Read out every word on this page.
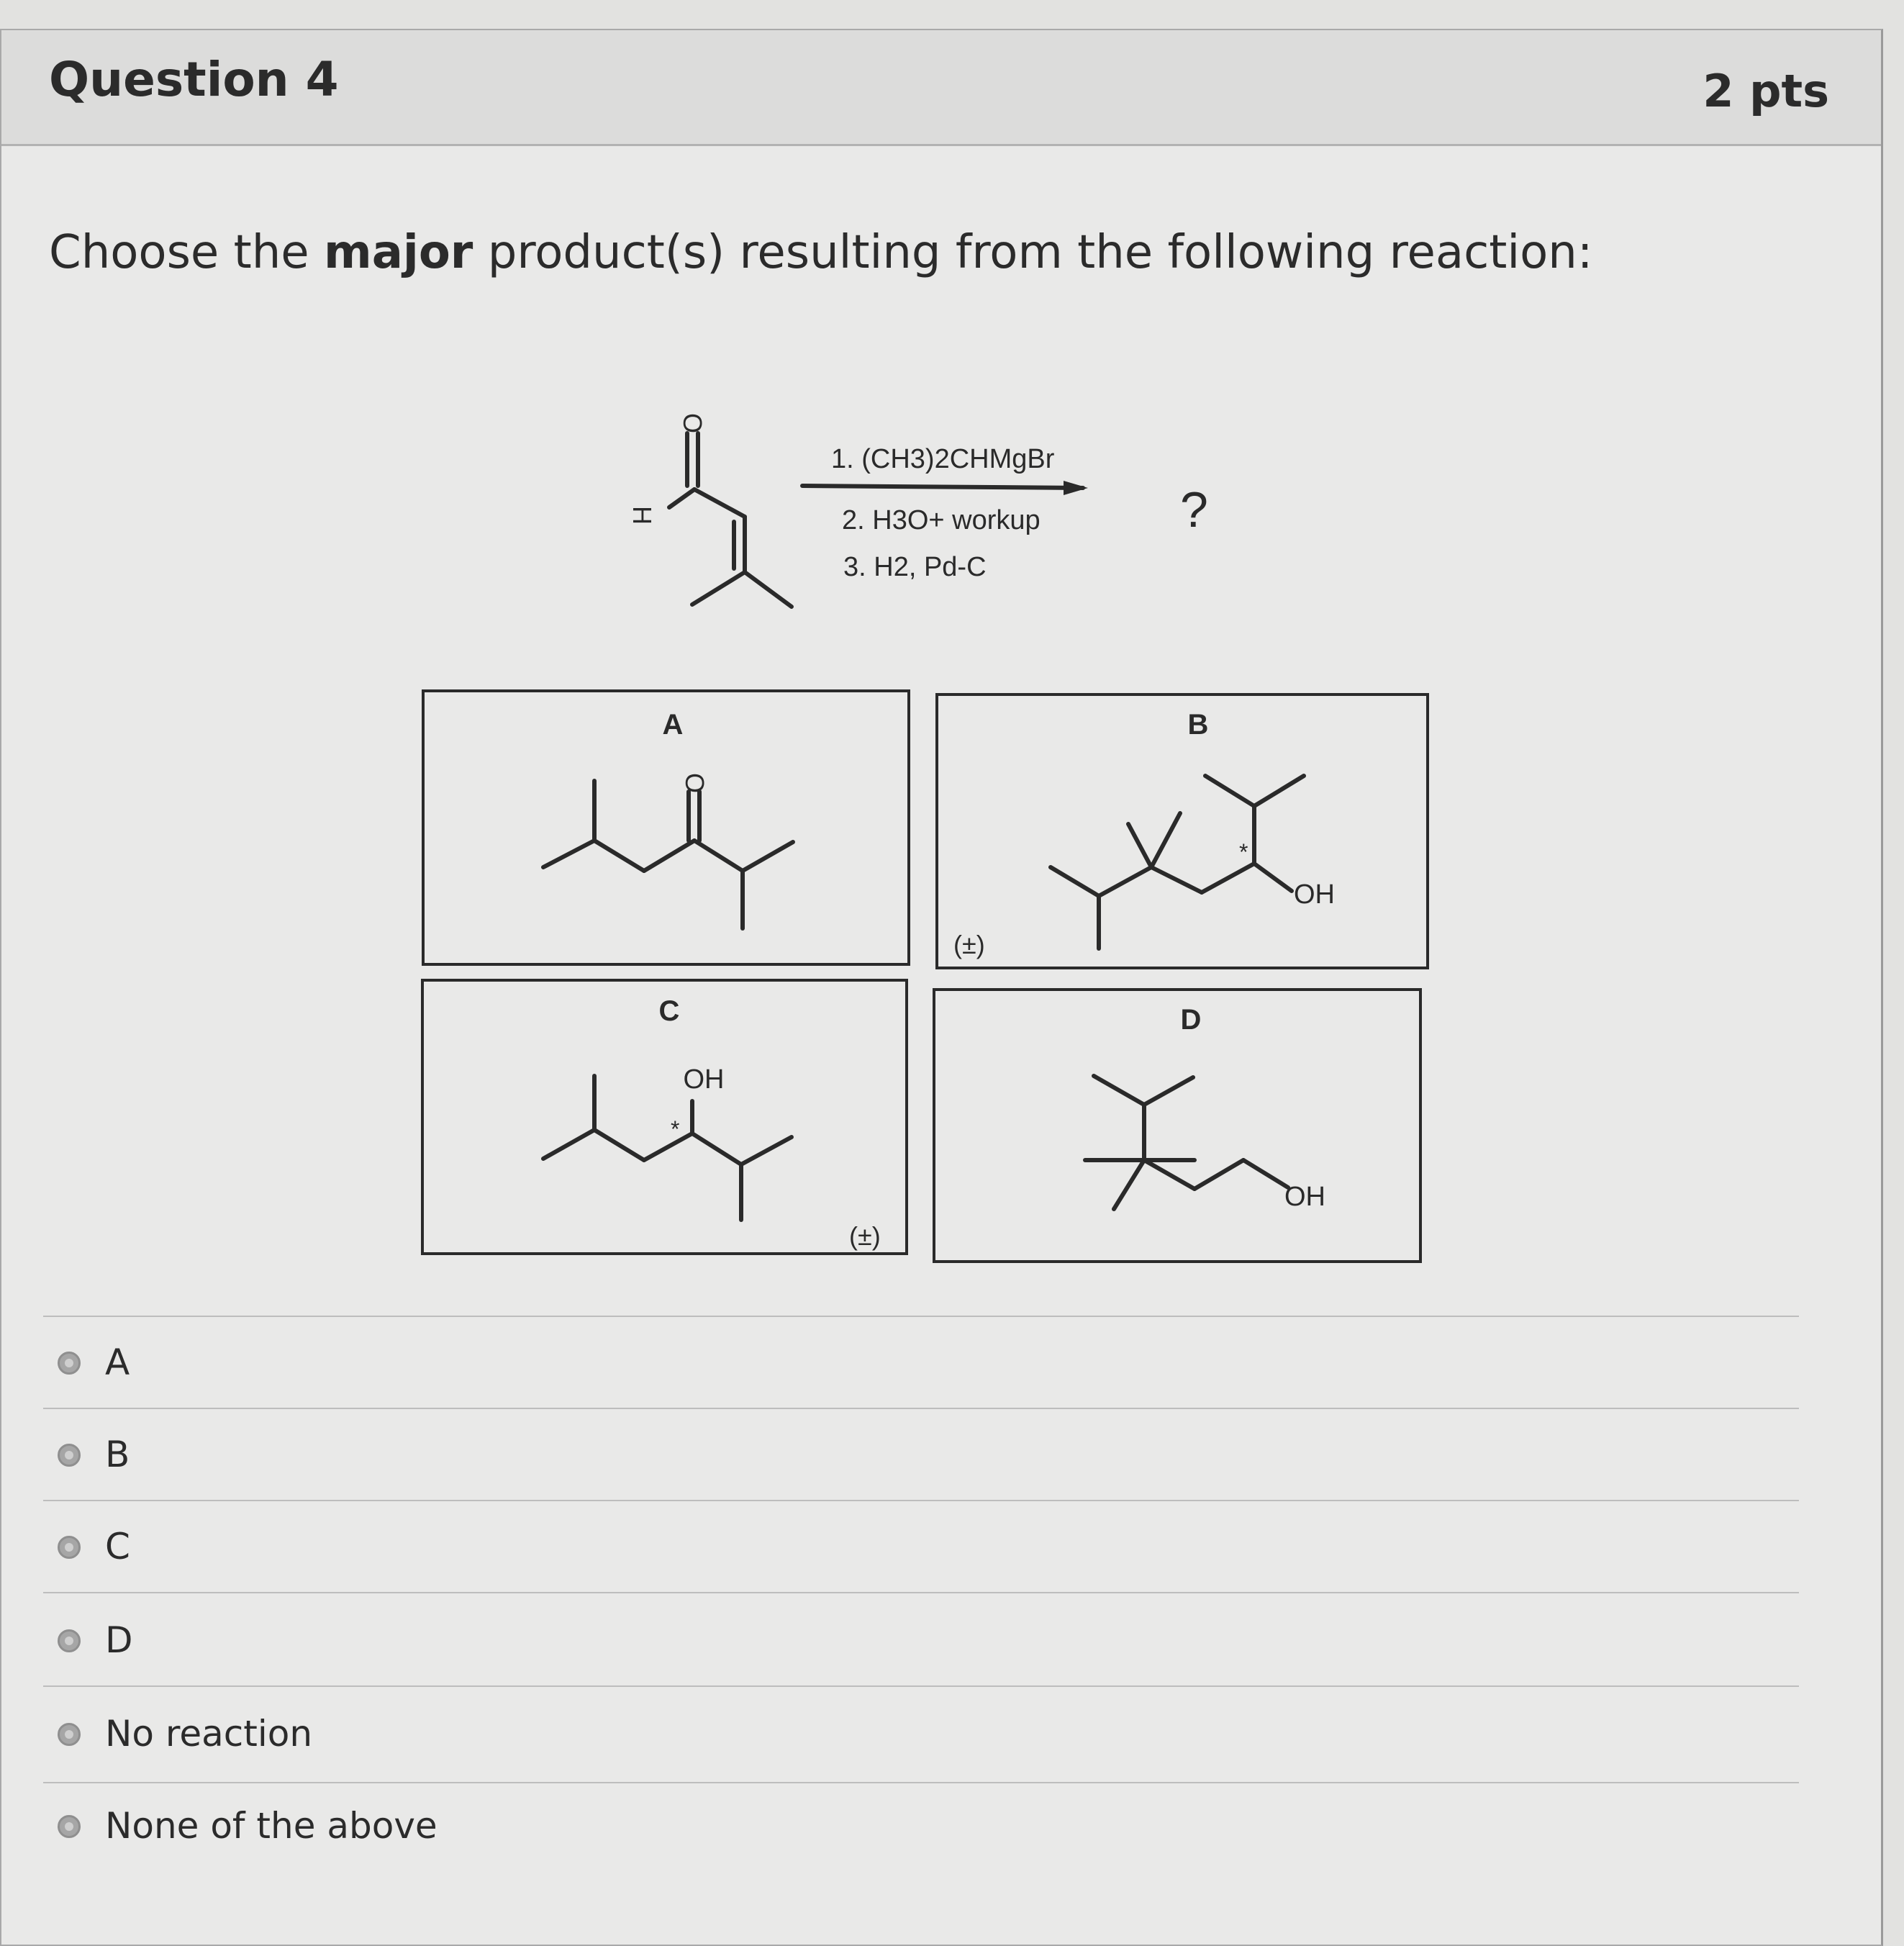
Question 4	2 pts
Choose the major product(s) resulting from the following reaction:
O
H
1. (CH3)2CHMgBr
2. H3O+ workup
3. H2, Pd-C
?
A
O
B
OH
*
(±)
C
OH
*
(±)
D
OH
A
B
C
D
No reaction
None of the above
